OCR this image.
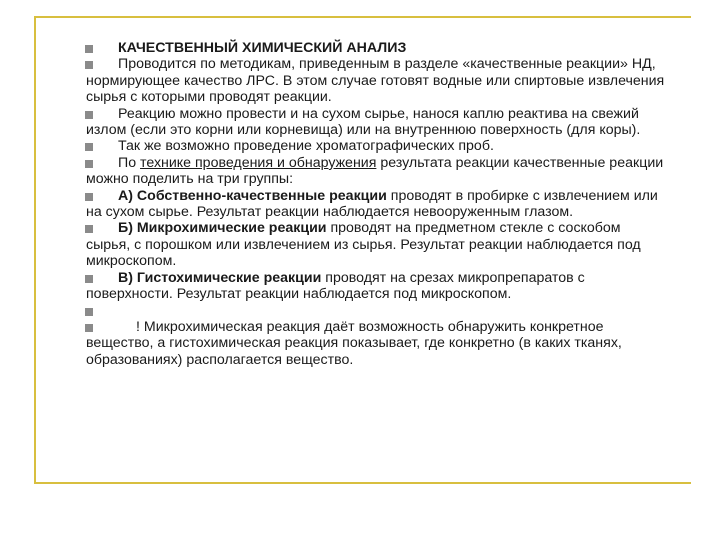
КАЧЕСТВЕННЫЙ ХИМИЧЕСКИЙ АНАЛИЗ
Проводится по методикам, приведенным в разделе «качественные реакции» НД, нормирующее качество ЛРС. В этом случае готовят водные или спиртовые извлечения сырья с которыми проводят реакции.
Реакцию можно провести и на сухом сырье, нанося каплю реактива на свежий излом (если это корни или корневища) или на внутреннюю поверхность (для коры).
Так же возможно проведение хроматографических проб.
По технике проведения и обнаружения результата реакции качественные реакции можно поделить на три группы:
А) Собственно-качественные реакции проводят в пробирке с извлечением или на сухом сырье. Результат реакции наблюдается невооруженным глазом.
Б) Микрохимические реакции проводят на предметном стекле с соскобом сырья, с порошком или извлечением из сырья. Результат реакции наблюдается под микроскопом.
В) Гистохимические реакции проводят на срезах микропрепаратов с поверхности. Результат реакции наблюдается под микроскопом.
! Микрохимическая реакция даёт возможность обнаружить конкретное вещество, а гистохимическая реакция показывает, где конкретно (в каких тканях, образованиях) располагается вещество.
